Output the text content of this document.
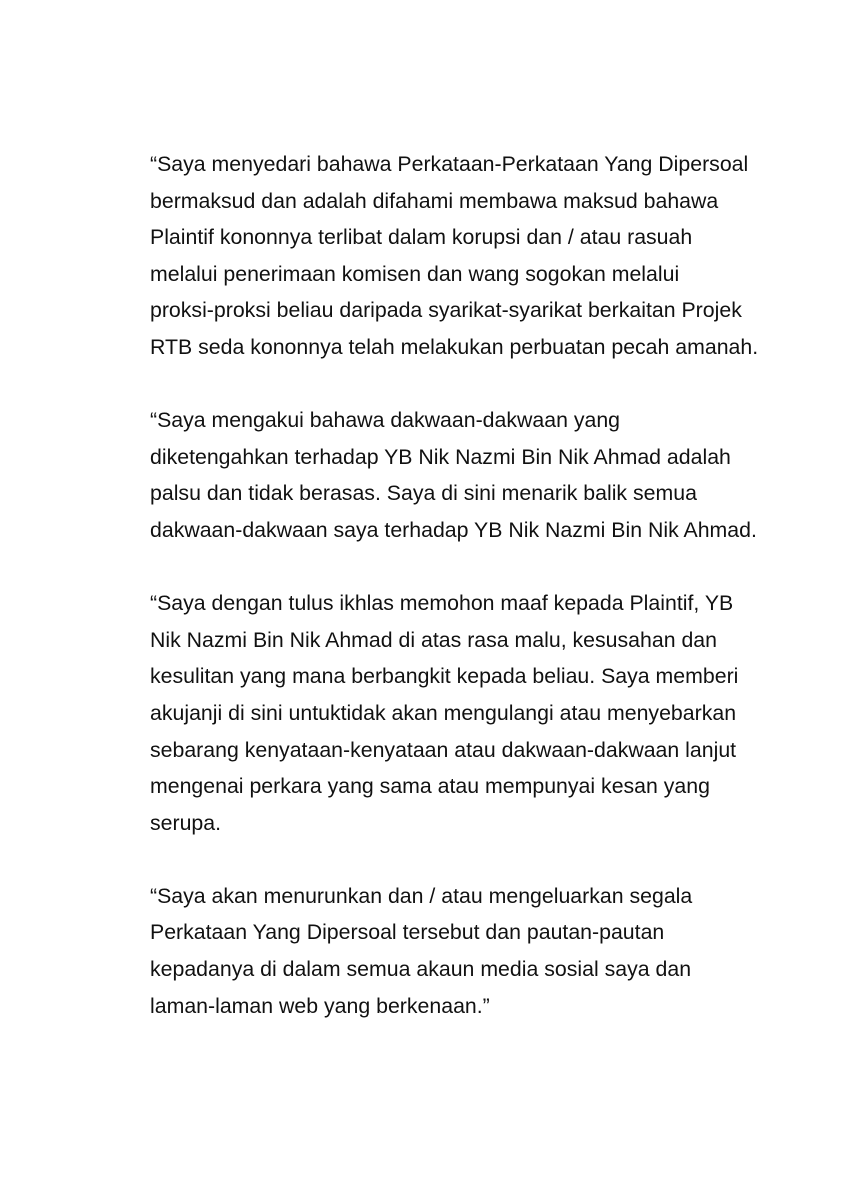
“Saya menyedari bahawa Perkataan-Perkataan Yang Dipersoal
bermaksud dan adalah difahami membawa maksud bahawa
Plaintif kononnya terlibat dalam korupsi dan / atau rasuah
melalui penerimaan komisen dan wang sogokan melalui
proksi-proksi beliau daripada syarikat-syarikat berkaitan Projek
RTB seda kononnya telah melakukan perbuatan pecah amanah.

“Saya mengakui bahawa dakwaan-dakwaan yang
diketengahkan terhadap YB Nik Nazmi Bin Nik Ahmad adalah
palsu dan tidak berasas. Saya di sini menarik balik semua
dakwaan-dakwaan saya terhadap YB Nik Nazmi Bin Nik Ahmad.

“Saya dengan tulus ikhlas memohon maaf kepada Plaintif, YB
Nik Nazmi Bin Nik Ahmad di atas rasa malu, kesusahan dan
kesulitan yang mana berbangkit kepada beliau. Saya memberi
akujanji di sini untuktidak akan mengulangi atau menyebarkan
sebarang kenyataan-kenyataan atau dakwaan-dakwaan lanjut
mengenai perkara yang sama atau mempunyai kesan yang
serupa.

“Saya akan menurunkan dan / atau mengeluarkan segala
Perkataan Yang Dipersoal tersebut dan pautan-pautan
kepadanya di dalam semua akaun media sosial saya dan
laman-laman web yang berkenaan.”
